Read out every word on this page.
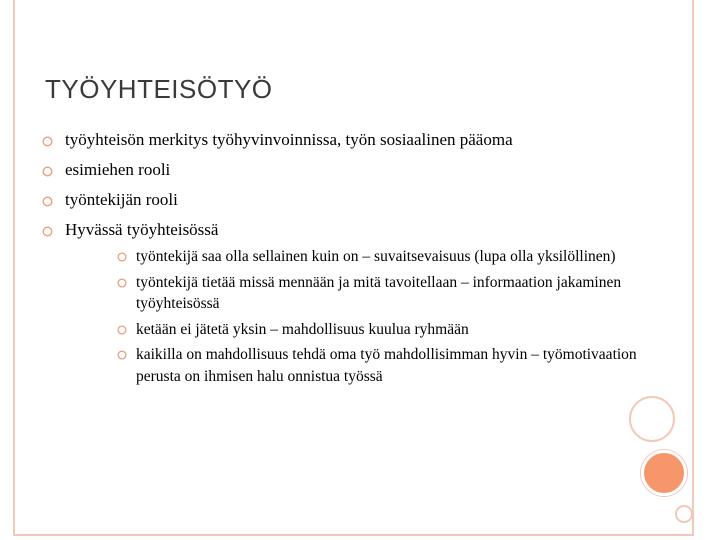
TYÖYHTEISÖTYÖ
työyhteisön merkitys työhyvinvoinnissa, työn sosiaalinen pääoma
esimiehen rooli
työntekijän rooli
Hyvässä työyhteisössä
työntekijä saa olla sellainen kuin on – suvaitsevaisuus (lupa olla yksilöllinen)
työntekijä tietää missä mennään ja mitä tavoitellaan – informaation jakaminen työyhteisössä
ketään ei jätetä yksin – mahdollisuus kuulua ryhmään
kaikilla on mahdollisuus tehdä oma työ mahdollisimman hyvin – työmotivaation perusta on ihmisen halu onnistua työssä
